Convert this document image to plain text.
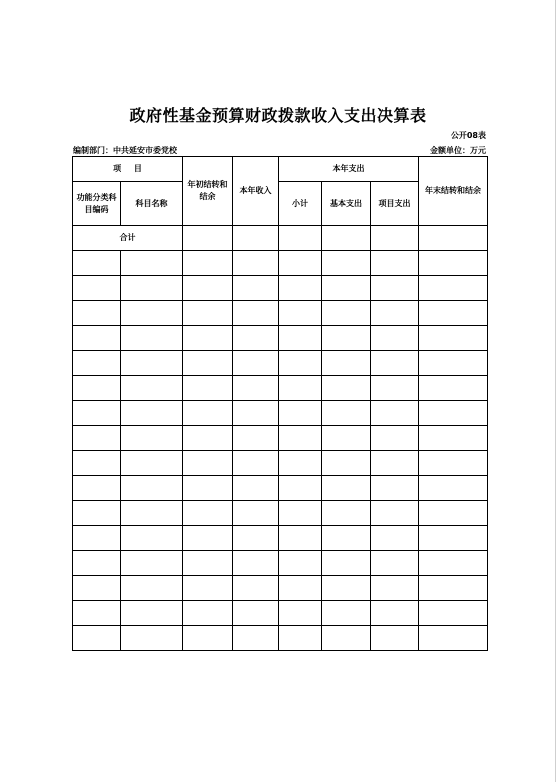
政府性基金预算财政拨款收入支出决算表
公开08表
编制部门：中共延安市委党校	金额单位：万元
项 目		年初结转和结余	本年收入	本年支出			年末结转和结余
功能分类科目编码	科目名称			小计	基本支出	项目支出	
合计							
